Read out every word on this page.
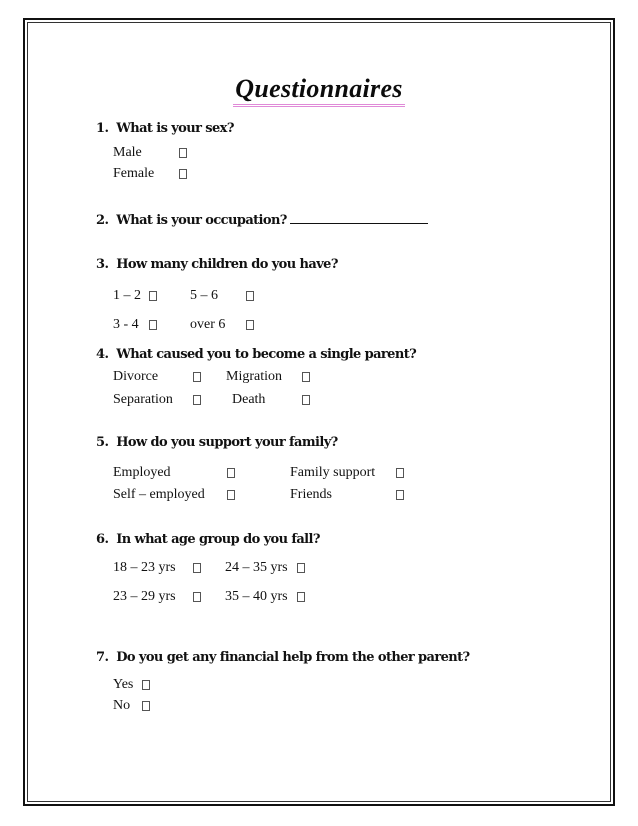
Questionnaires
1. What is your sex?
Male
Female
2. What is your occupation?
3. How many children do you have?
1 – 2	5 – 6
3 - 4	over 6
4. What caused you to become a single parent?
Divorce	Migration
Separation	Death
5. How do you support your family?
Employed	Family support
Self – employed	Friends
6. In what age group do you fall?
18 – 23 yrs	24 – 35 yrs
23 – 29 yrs	35 – 40 yrs
7. Do you get any financial help from the other parent?
Yes
No
